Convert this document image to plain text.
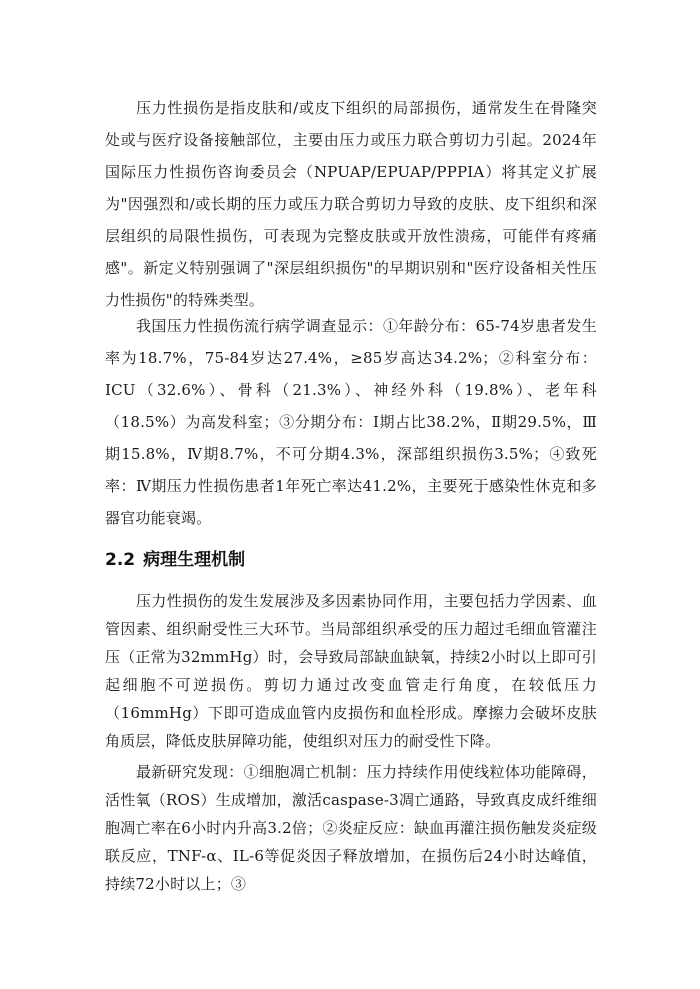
压力性损伤是指皮肤和/或皮下组织的局部损伤，通常发生在骨隆突处或与医疗设备接触部位，主要由压力或压力联合剪切力引起。2024年国际压力性损伤咨询委员会（NPUAP/EPUAP/PPPIA）将其定义扩展为"因强烈和/或长期的压力或压力联合剪切力导致的皮肤、皮下组织和深层组织的局限性损伤，可表现为完整皮肤或开放性溃疡，可能伴有疼痛感"。新定义特别强调了"深层组织损伤"的早期识别和"医疗设备相关性压力性损伤"的特殊类型。

我国压力性损伤流行病学调查显示：①年龄分布：65-74岁患者发生率为18.7%，75-84岁达27.4%，≥85岁高达34.2%；②科室分布：ICU（32.6%）、骨科（21.3%）、神经外科（19.8%）、老年科（18.5%）为高发科室；③分期分布：Ⅰ期占比38.2%，Ⅱ期29.5%，Ⅲ期15.8%，Ⅳ期8.7%，不可分期4.3%，深部组织损伤3.5%；④致死率：Ⅳ期压力性损伤患者1年死亡率达41.2%，主要死于感染性休克和多器官功能衰竭。

2.2 病理生理机制

压力性损伤的发生发展涉及多因素协同作用，主要包括力学因素、血管因素、组织耐受性三大环节。当局部组织承受的压力超过毛细血管灌注压（正常为32mmHg）时，会导致局部缺血缺氧，持续2小时以上即可引起细胞不可逆损伤。剪切力通过改变血管走行角度，在较低压力（16mmHg）下即可造成血管内皮损伤和血栓形成。摩擦力会破坏皮肤角质层，降低皮肤屏障功能，使组织对压力的耐受性下降。

最新研究发现：①细胞凋亡机制：压力持续作用使线粒体功能障碍，活性氧（ROS）生成增加，激活caspase-3凋亡通路，导致真皮成纤维细胞凋亡率在6小时内升高3.2倍；②炎症反应：缺血再灌注损伤触发炎症级联反应，TNF-α、IL-6等促炎因子释放增加，在损伤后24小时达峰值，持续72小时以上；③
